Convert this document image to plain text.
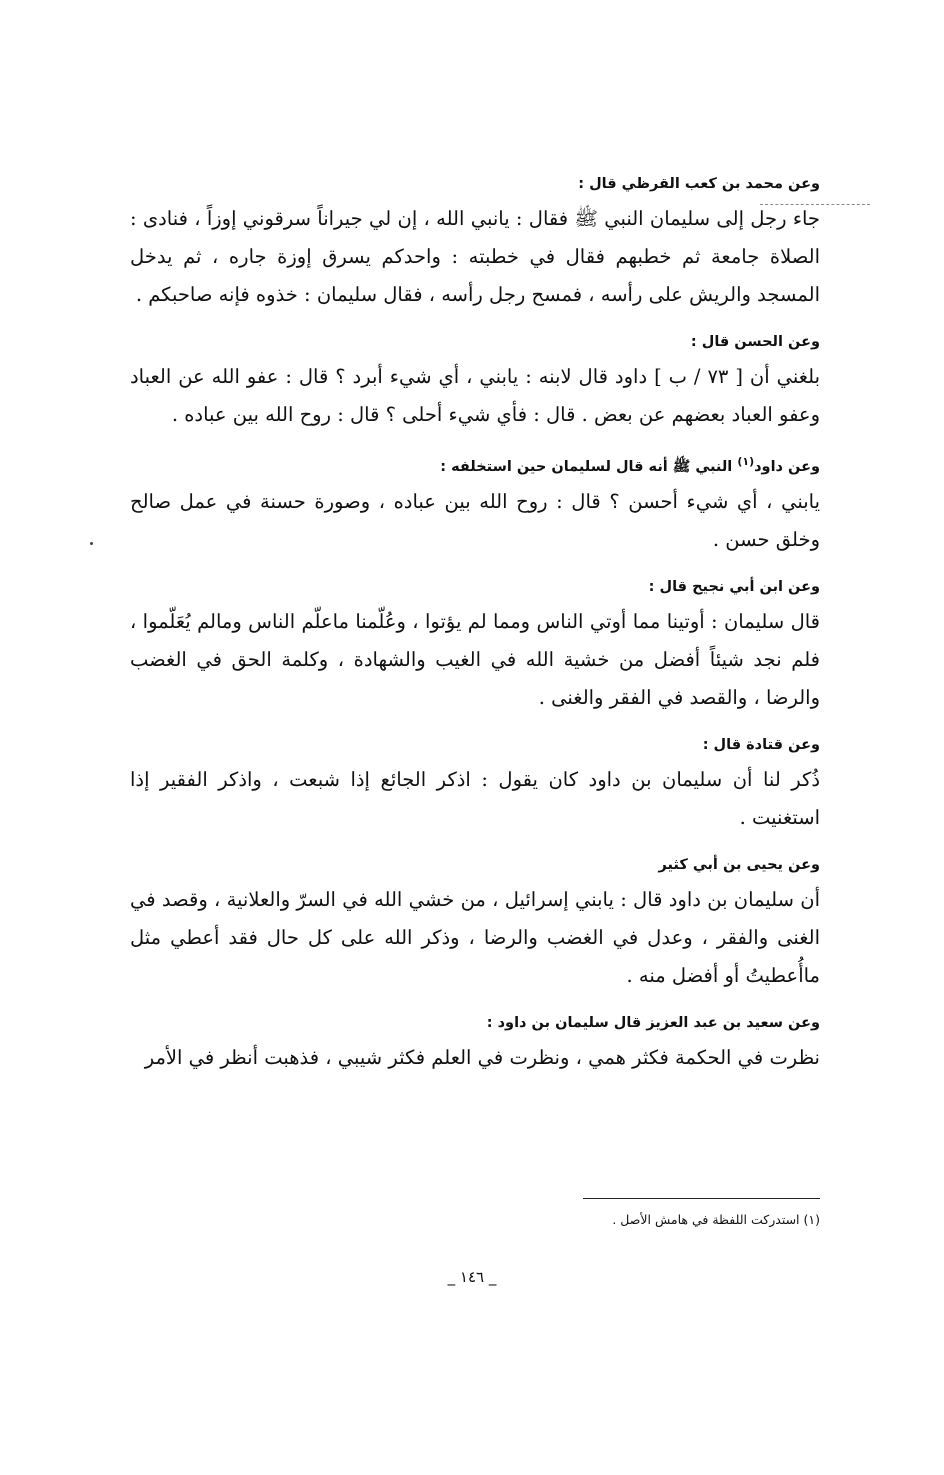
وعن محمد بن كعب القرظي قال :

جاء رجل إلى سليمان النبي ﷺ فقال : يانبي الله ، إن لي جيراناً سرقوني إوزاً ، فنادى : الصلاة جامعة ثم خطبهم فقال في خطبته : واحدكم يسرق إوزة جاره ، ثم يدخل المسجد والريش على رأسه ، فمسح رجل رأسه ، فقال سليمان : خذوه فإنه صاحبكم .

وعن الحسن قال :

بلغني أن [ ٧٣ / ب ] داود قال لابنه : يابني ، أي شيء أبرد ؟ قال : عفو الله عن العباد وعفو العباد بعضهم عن بعض . قال : فأي شيء أحلى ؟ قال : روح الله بين عباده .

وعن داود$^{(١)}$ النبي ﷺ أنه قال لسليمان حين استخلفه :

يابني ، أي شيء أحسن ؟ قال : روح الله بين عباده ، وصورة حسنة في عمل صالح وخلق حسن .

وعن ابن أبي نجيح قال :

قال سليمان : أوتينا مما أوتي الناس ومما لم يؤتوا ، وعُلّمنا ماعلّم الناس ومالم يُعَلّموا ، فلم نجد شيئاً أفضل من خشية الله في الغيب والشهادة ، وكلمة الحق في الغضب والرضا ، والقصد في الفقر والغنى .

وعن قتادة قال :

ذُكر لنا أن سليمان بن داود كان يقول : اذكر الجائع إذا شبعت ، واذكر الفقير إذا استغنيت .

وعن يحيى بن أبي كثير

أن سليمان بن داود قال : يابني إسرائيل ، من خشي الله في السرّ والعلانية ، وقصد في الغنى والفقر ، وعدل في الغضب والرضا ، وذكر الله على كل حال فقد أعطي مثل ماأُعطيتُ أو أفضل منه .

وعن سعيد بن عبد العزيز قال سليمان بن داود :

نظرت في الحكمة فكثر همي ، ونظرت في العلم فكثر شيبي ، فذهبت أنظر في الأمر

(١) استدركت اللفظة في هامش الأصل .
_ ١٤٦ _
